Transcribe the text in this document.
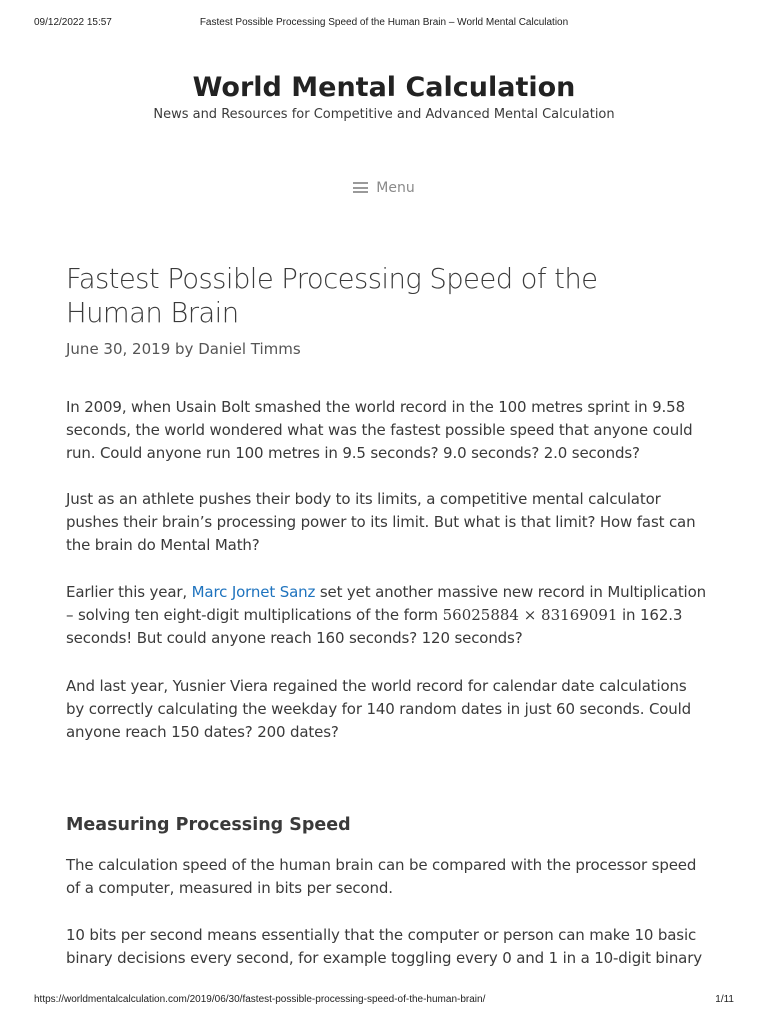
09/12/2022 15:57	Fastest Possible Processing Speed of the Human Brain – World Mental Calculation
World Mental Calculation
News and Resources for Competitive and Advanced Mental Calculation
Menu
Fastest Possible Processing Speed of the Human Brain
June 30, 2019 by Daniel Timms

In 2009, when Usain Bolt smashed the world record in the 100 metres sprint in 9.58 seconds, the world wondered what was the fastest possible speed that anyone could run. Could anyone run 100 metres in 9.5 seconds? 9.0 seconds? 2.0 seconds?

Just as an athlete pushes their body to its limits, a competitive mental calculator pushes their brain’s processing power to its limit. But what is that limit? How fast can the brain do Mental Math?

Earlier this year, Marc Jornet Sanz set yet another massive new record in Multiplication – solving ten eight-digit multiplications of the form 56025884 × 83169091 in 162.3 seconds! But could anyone reach 160 seconds? 120 seconds?

And last year, Yusnier Viera regained the world record for calendar date calculations by correctly calculating the weekday for 140 random dates in just 60 seconds. Could anyone reach 150 dates? 200 dates?

Measuring Processing Speed

The calculation speed of the human brain can be compared with the processor speed of a computer, measured in bits per second.

10 bits per second means essentially that the computer or person can make 10 basic binary decisions every second, for example toggling every 0 and 1 in a 10-digit binary

https://worldmentalcalculation.com/2019/06/30/fastest-possible-processing-speed-of-the-human-brain/	1/11
